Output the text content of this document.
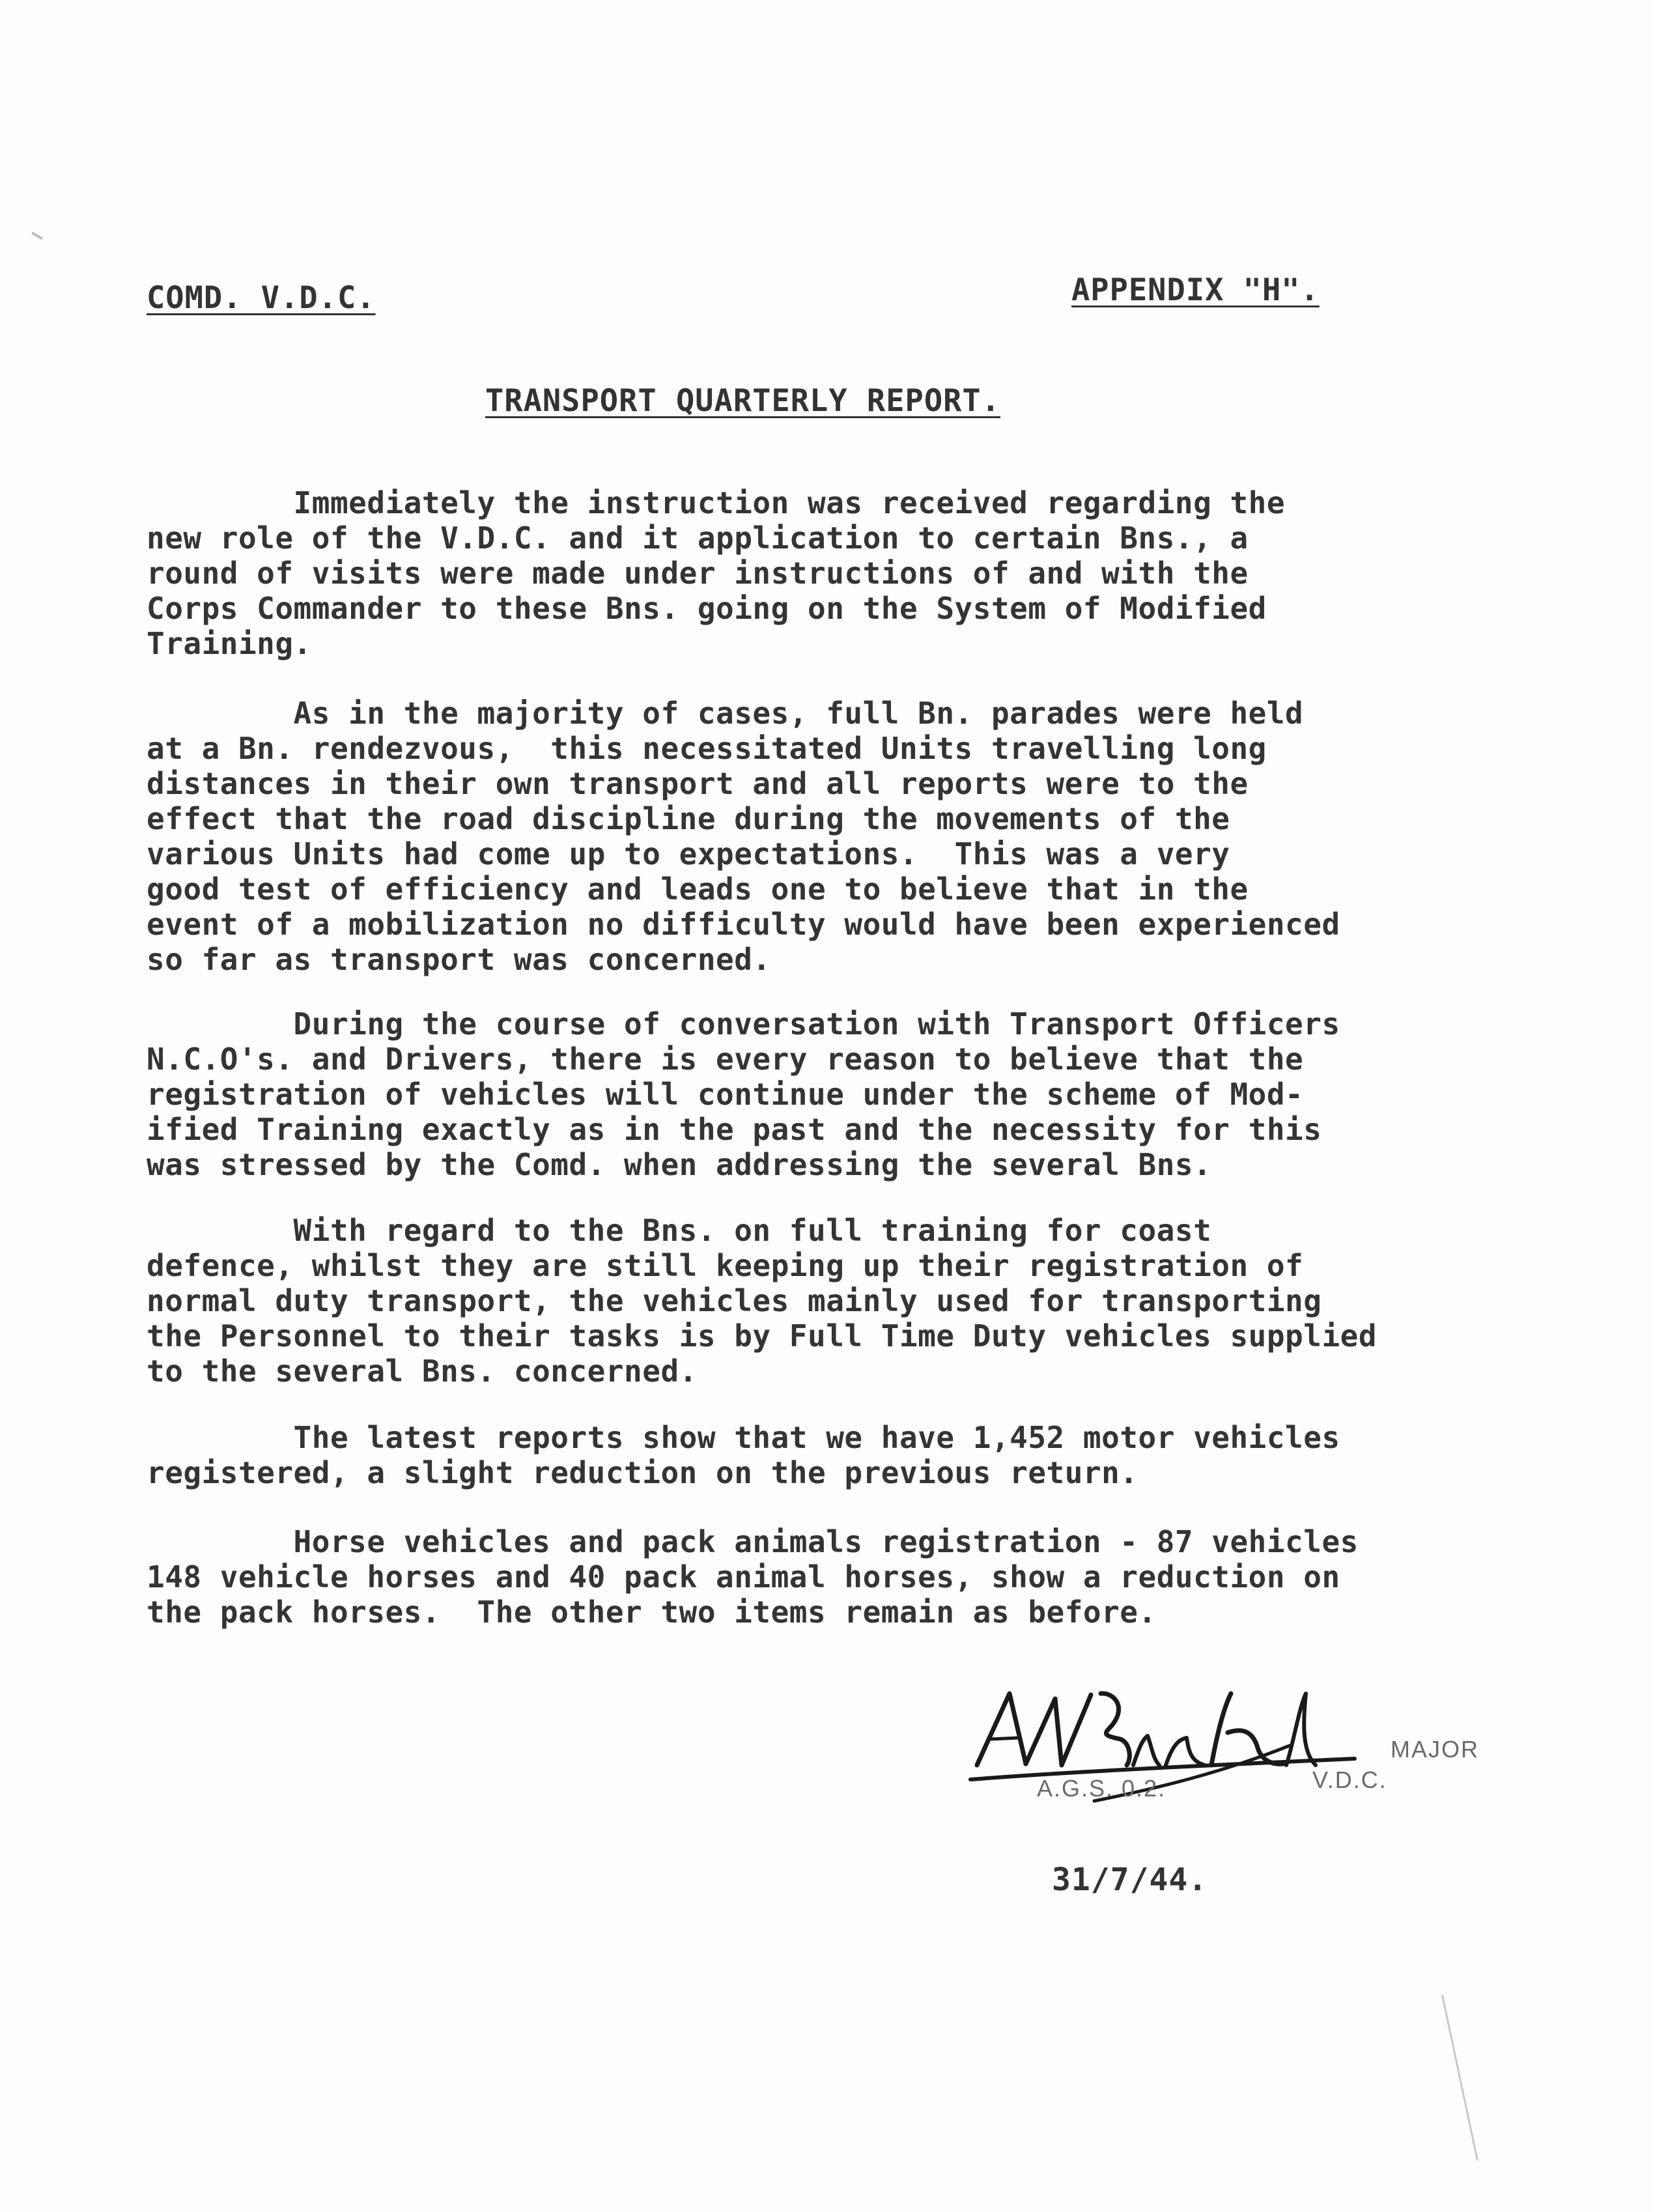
COMD. V.D.C.	APPENDIX "H".
TRANSPORT QUARTERLY REPORT.
Immediately the instruction was received regarding the
new role of the V.D.C. and it application to certain Bns., a
round of visits were made under instructions of and with the
Corps Commander to these Bns. going on the System of Modified
Training.
As in the majority of cases, full Bn. parades were held
at a Bn. rendezvous,  this necessitated Units travelling long
distances in their own transport and all reports were to the
effect that the road discipline during the movements of the
various Units had come up to expectations.  This was a very
good test of efficiency and leads one to believe that in the
event of a mobilization no difficulty would have been experienced
so far as transport was concerned.
During the course of conversation with Transport Officers
N.C.O's. and Drivers, there is every reason to believe that the
registration of vehicles will continue under the scheme of Mod-
ified Training exactly as in the past and the necessity for this
was stressed by the Comd. when addressing the several Bns.
With regard to the Bns. on full training for coast
defence, whilst they are still keeping up their registration of
normal duty transport, the vehicles mainly used for transporting
the Personnel to their tasks is by Full Time Duty vehicles supplied
to the several Bns. concerned.
The latest reports show that we have 1,452 motor vehicles
registered, a slight reduction on the previous return.
Horse vehicles and pack animals registration - 87 vehicles
148 vehicle horses and 40 pack animal horses, show a reduction on
the pack horses.  The other two items remain as before.
MAJOR
A.G.S. 0.2.	V.D.C.
31/7/44.
